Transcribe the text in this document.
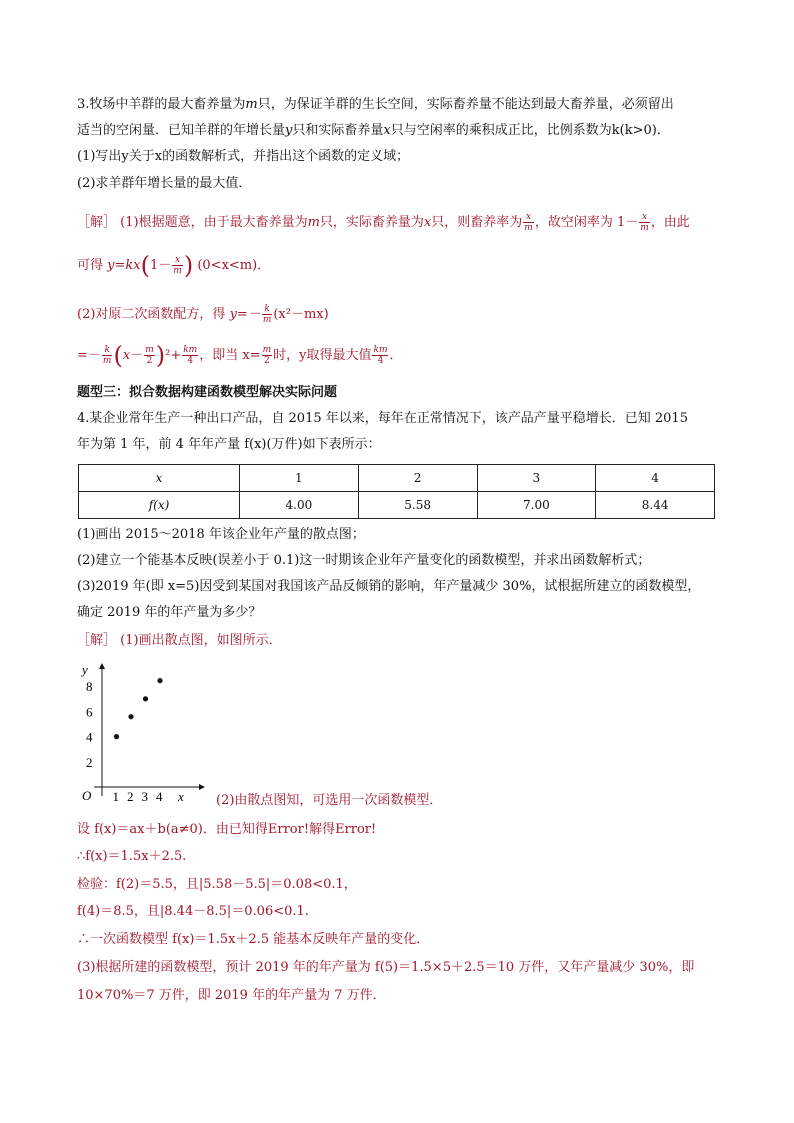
3.牧场中羊群的最大畜养量为m只，为保证羊群的生长空间，实际畜养量不能达到最大畜养量，必须留出
适当的空闲量．已知羊群的年增长量y只和实际畜养量x只与空闲率的乘积成正比，比例系数为k(k>0)．
(1)写出y关于x的函数解析式，并指出这个函数的定义域；
(2)求羊群年增长量的最大值．
［解］ (1)根据题意，由于最大畜养量为m只，实际畜养量为x只，则畜养率为 $\frac{x}{m}$ ，故空闲率为 $1- \frac{x}{m}$ ，由此
可得 $y=kx(1- \frac{x}{m}$ ) (0<x<m)．
(2)对原二次函数配方，得 $y=- \frac{k}{m} (x^2-mx)$
=－ $\frac{k}{m} (x- \frac{m}{2} )^2+ \frac{km}{4}$ ，即当 $x= \frac{m}{2}$ 时，y取得最大值 $\frac{km}{4}$ ．
题型三：拟合数据构建函数模型解决实际问题
4.某企业常年生产一种出口产品，自 2015 年以来，每年在正常情况下，该产品产量平稳增长．已知 2015
年为第 1 年，前 4 年年产量 f(x)(万件)如下表所示：
x	1	2	3	4
f(x)	4.00	5.58	7.00	8.44
(1)画出 2015～2018 年该企业年产量的散点图；
(2)建立一个能基本反映(误差小于 0.1)这一时期该企业年产量变化的函数模型，并求出函数解析式；
(3)2019 年(即 x=5)因受到某国对我国该产品反倾销的影响，年产量减少 30%，试根据所建立的函数模型，
确定 2019 年的年产量为多少？
［解］ (1)画出散点图，如图所示．
O	x
y
1 2 3 4
2
4
6
8
(2)由散点图知，可选用一次函数模型．
设 f(x)＝ax＋b(a≠0)．由已知得Error!解得Error!
∴f(x)＝1.5x＋2.5.
检验：f(2)＝5.5，且|5.58－5.5|＝0.08<0.1，
f(4)＝8.5，且|8.44－8.5|＝0.06<0.1.
∴一次函数模型 f(x)＝1.5x＋2.5 能基本反映年产量的变化．
(3)根据所建的函数模型，预计 2019 年的年产量为 f(5)＝1.5×5＋2.5＝10 万件，又年产量减少 30%，即
10×70%＝7 万件，即 2019 年的年产量为 7 万件．
